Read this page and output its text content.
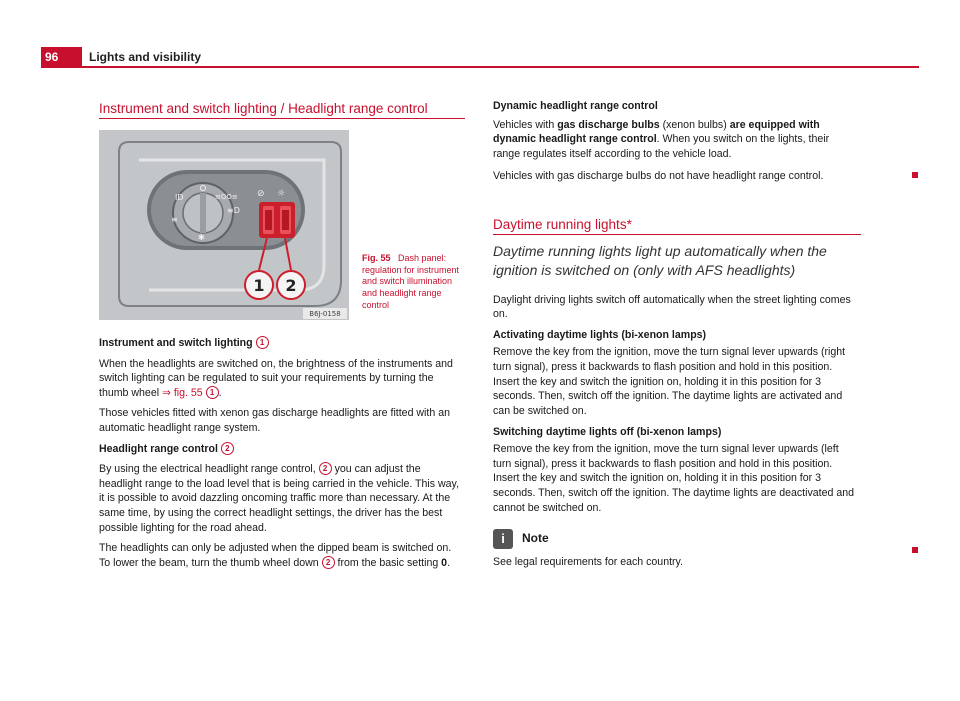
96	Lights and visibility
Instrument and switch lighting / Headlight range control
ID
≡
≡OO≡
≡D
✱
⊘ ☼
1 2
B6J-0158
Fig. 55 Dash panel: regulation for instrument and switch illumination and headlight range control

Instrument and switch lighting 1

When the headlights are switched on, the brightness of the instruments and switch lighting can be regulated to suit your requirements by turning the thumb wheel ⇒ fig. 55 1 .

Those vehicles fitted with xenon gas discharge headlights are fitted with an automatic headlight range system.

Headlight range control 2

By using the electrical headlight range control, 2 you can adjust the headlight range to the load level that is being carried in the vehicle. This way, it is possible to avoid dazzling oncoming traffic more than necessary. At the same time, by using the correct headlight settings, the driver has the best possible lighting for the road ahead.

The headlights can only be adjusted when the dipped beam is switched on. To lower the beam, turn the thumb wheel down 2 from the basic setting 0.

Dynamic headlight range control

Vehicles with gas discharge bulbs (xenon bulbs) are equipped with dynamic headlight range control. When you switch on the lights, their range regulates itself according to the vehicle load.

Vehicles with gas discharge bulbs do not have headlight range control.

Daytime running lights*

Daytime running lights light up automatically when the ignition is switched on (only with AFS headlights)

Daylight driving lights switch off automatically when the street lighting comes on.

Activating daytime lights (bi-xenon lamps)

Remove the key from the ignition, move the turn signal lever upwards (right turn signal), press it backwards to flash position and hold in this position. Insert the key and switch the ignition on, holding it in this position for 3 seconds. Then, switch off the ignition. The daytime lights are activated and can be switched on.

Switching daytime lights off (bi-xenon lamps)

Remove the key from the ignition, move the turn signal lever upwards (left turn signal), press it backwards to flash position and hold in this position. Insert the key and switch the ignition on, holding it in this position for 3 seconds. Then, switch off the ignition. The daytime lights are deactivated and cannot be switched on.

i Note

See legal requirements for each country.
